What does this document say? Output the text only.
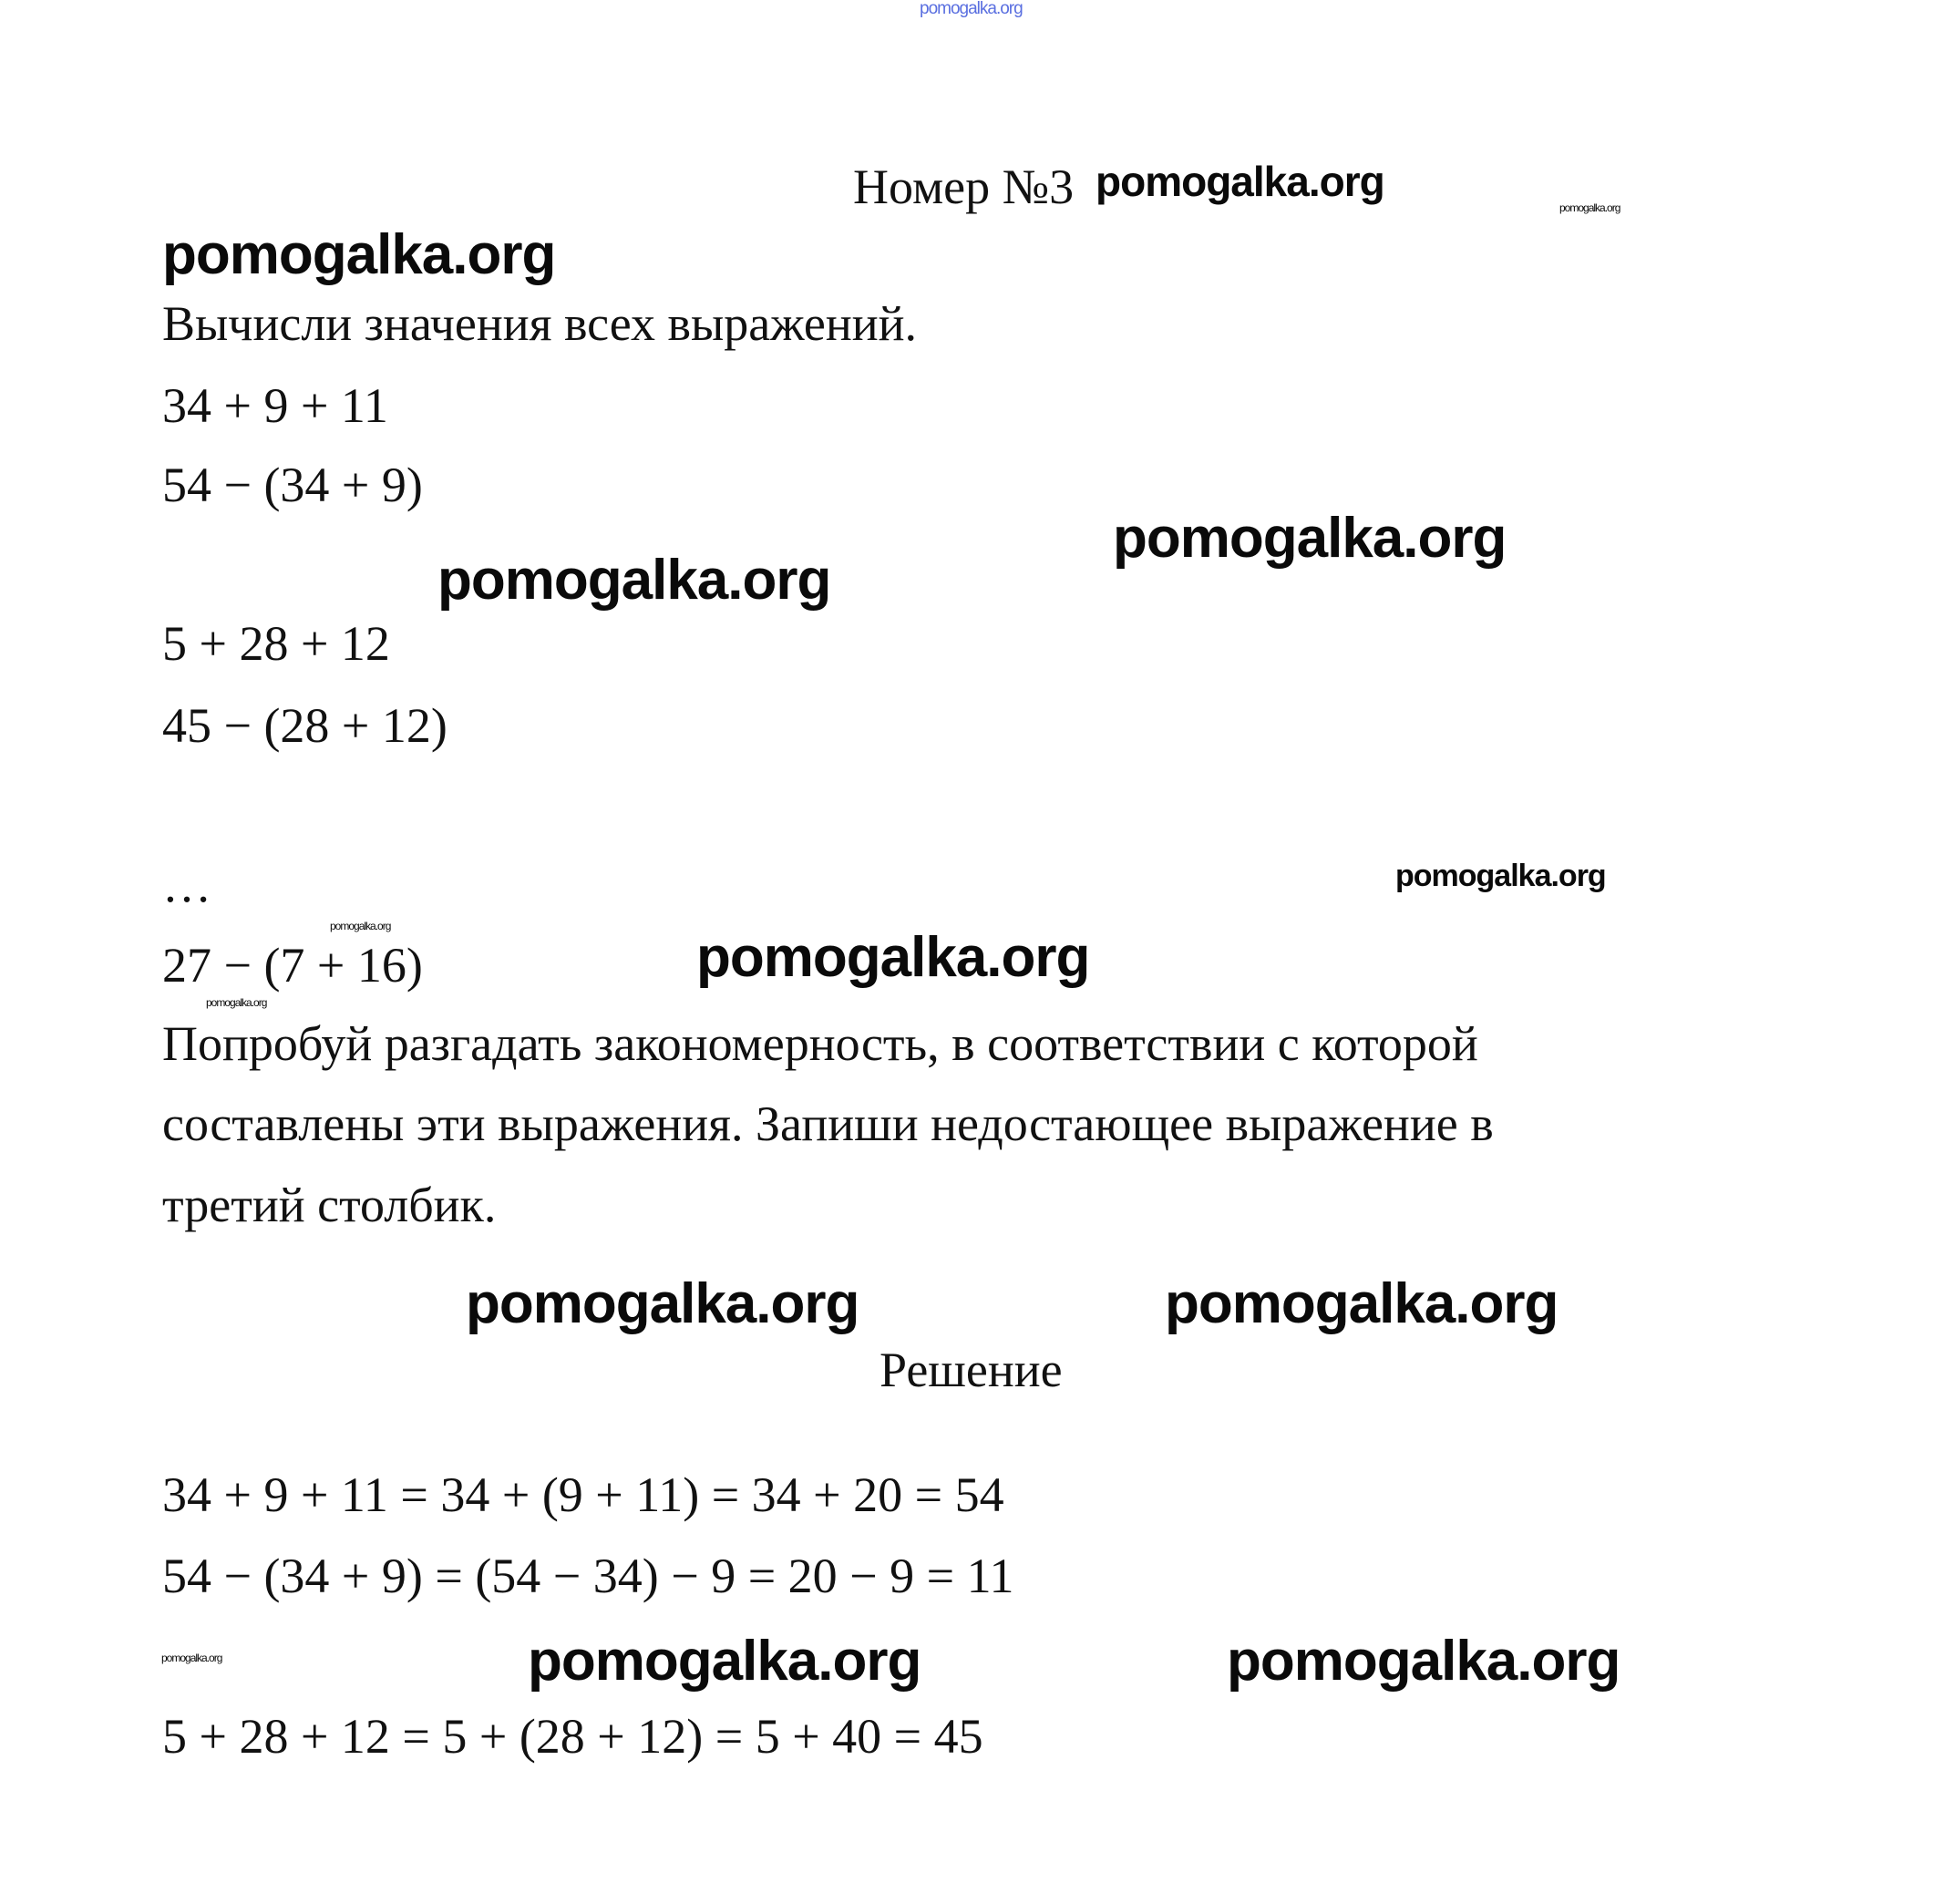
pomogalka.org
Номер №3 pomogalka.org
pomogalka.org
pomogalka.org
Вычисли значения всех выражений.
34 + 9 + 11
54 − (34 + 9)
pomogalka.org
pomogalka.org
5 + 28 + 12
45 − (28 + 12)
…	pomogalka.org
pomogalka.org
27 − (7 + 16)
pomogalka.org
pomogalka.org
Попробуй разгадать закономерность, в соответствии с которой
составлены эти выражения. Запиши недостающее выражение в
третий столбик.
pomogalka.org
Решение
pomogalka.org
34 + 9 + 11 = 34 + (9 + 11) = 34 + 20 = 54
54 − (34 + 9) = (54 − 34) − 9 = 20 − 9 = 11
pomogalka.org	pomogalka.org	pomogalka.org
5 + 28 + 12 = 5 + (28 + 12) = 5 + 40 = 45
